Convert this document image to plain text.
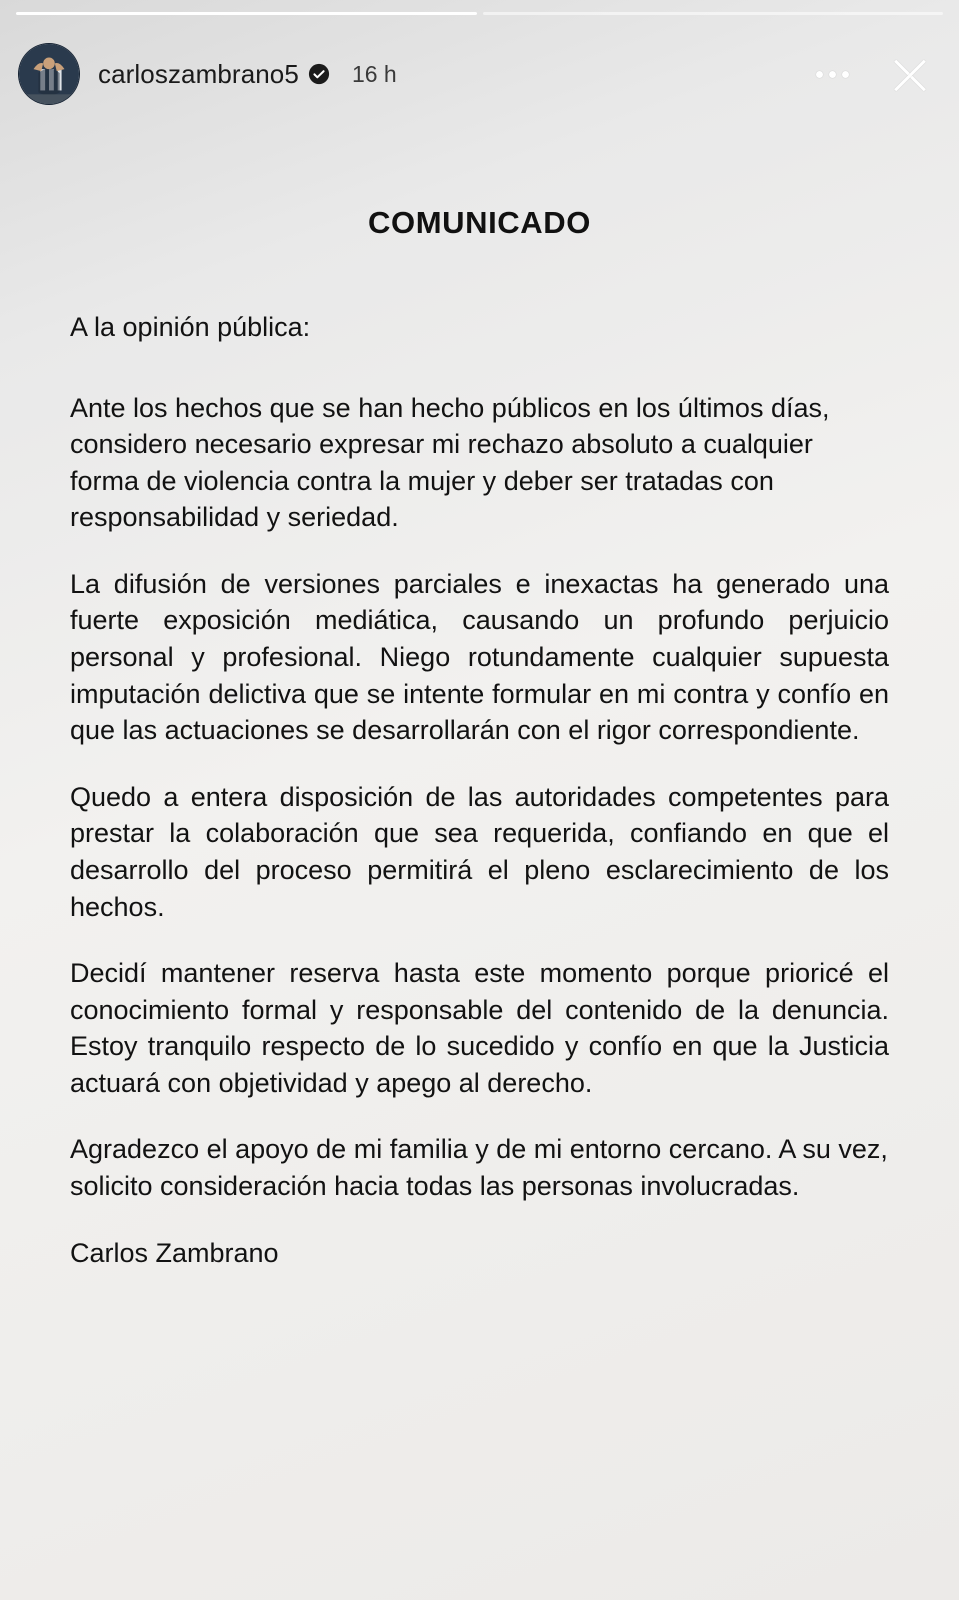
carloszambrano5 16 h
COMUNICADO

A la opinión pública:

Ante los hechos que se han hecho públicos en los últimos días, considero necesario expresar mi rechazo absoluto a cualquier forma de violencia contra la mujer y deber ser tratadas con responsabilidad y seriedad.

La difusión de versiones parciales e inexactas ha generado una fuerte exposición mediática, causando un profundo perjuicio personal y profesional. Niego rotundamente cualquier supuesta imputación delictiva que se intente formular en mi contra y confío en que las actuaciones se desarrollarán con el rigor correspondiente.

Quedo a entera disposición de las autoridades competentes para prestar la colaboración que sea requerida, confiando en que el desarrollo del proceso permitirá el pleno esclarecimiento de los hechos.

Decidí mantener reserva hasta este momento porque prioricé el conocimiento formal y responsable del contenido de la denuncia. Estoy tranquilo respecto de lo sucedido y confío en que la Justicia actuará con objetividad y apego al derecho.

Agradezco el apoyo de mi familia y de mi entorno cercano. A su vez, solicito consideración hacia todas las personas involucradas.

Carlos Zambrano
